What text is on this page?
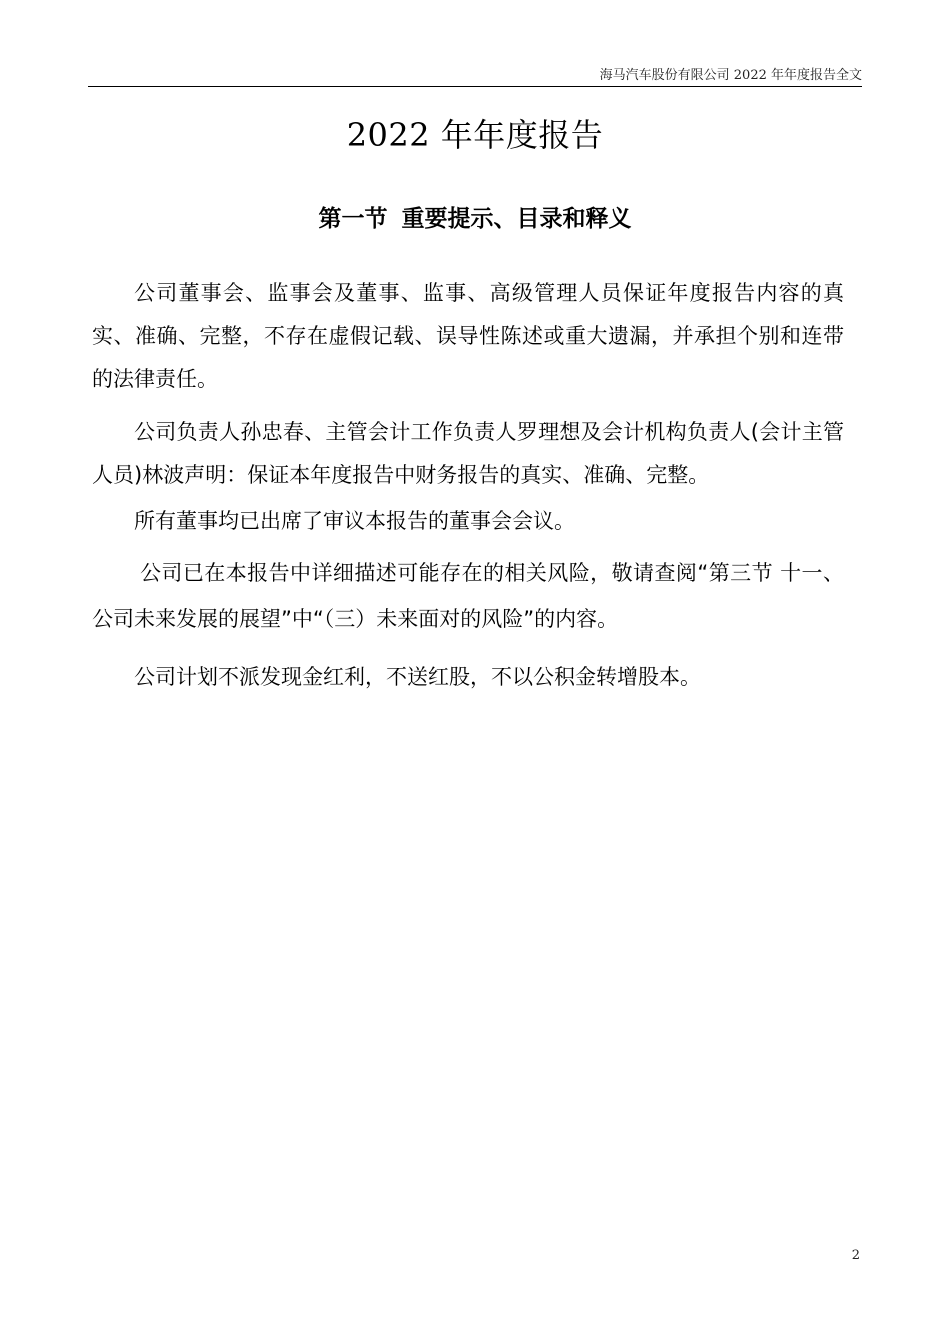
海马汽车股份有限公司 2022 年年度报告全文
2022 年年度报告
第一节 重要提示、目录和释义

公司董事会、监事会及董事、监事、高级管理人员保证年度报告内容的真实、准确、完整，不存在虚假记载、误导性陈述或重大遗漏，并承担个别和连带的法律责任。

公司负责人孙忠春、主管会计工作负责人罗理想及会计机构负责人(会计主管人员)林波声明：保证本年度报告中财务报告的真实、准确、完整。

所有董事均已出席了审议本报告的董事会会议。

公司已在本报告中详细描述可能存在的相关风险，敬请查阅“第三节 十一、公司未来发展的展望”中“（三）未来面对的风险”的内容。

公司计划不派发现金红利，不送红股，不以公积金转增股本。

2
